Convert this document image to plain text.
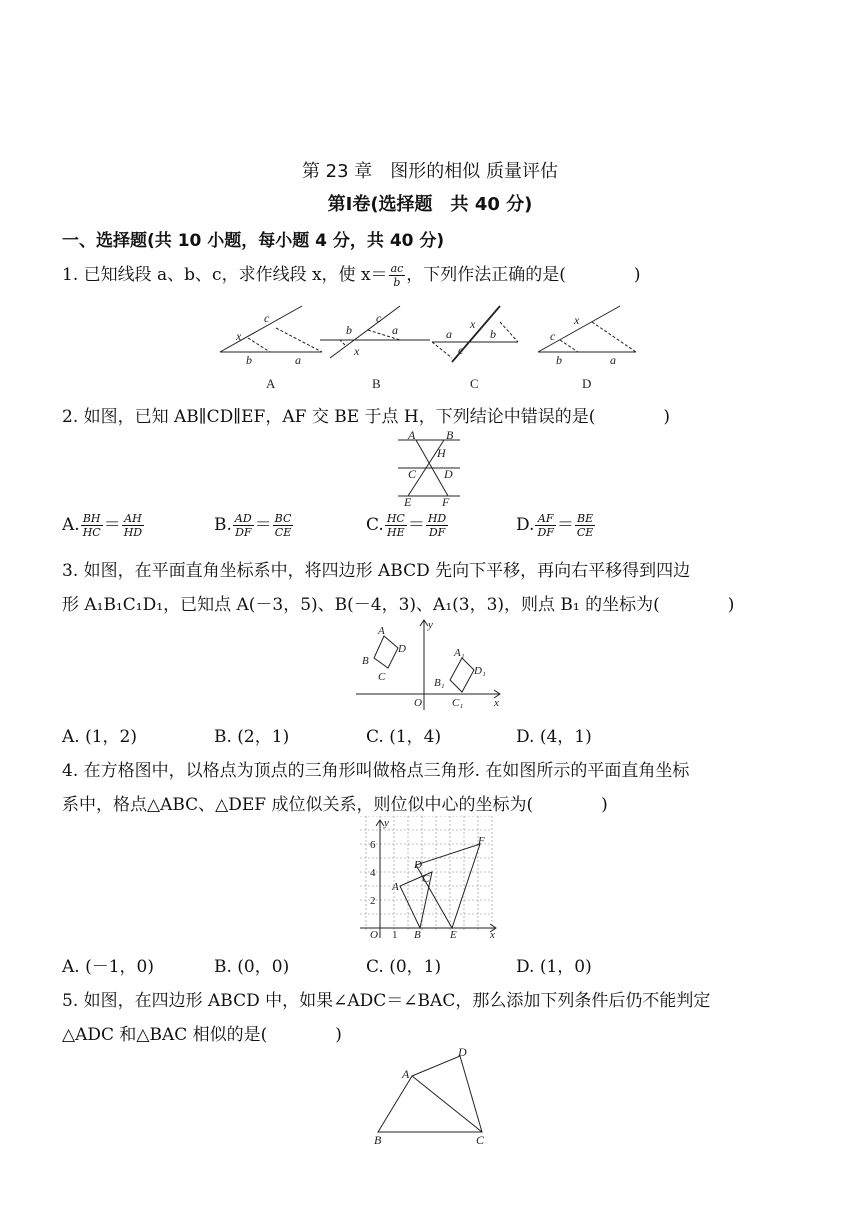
第 23 章　图形的相似 质量评估
第Ⅰ卷(选择题　共 40 分)
一、选择题(共 10 小题，每小题 4 分，共 40 分)
1. 已知线段 a、b、c，求作线段 x，使 $x= \frac{ac}{b}$ ，下列作法正确的是(　　　　)
x
c
b	a
b
c
a
x
a
x
b
c
c
x
b	a
A	B	C	D
2. 如图，已知 AB∥CD∥EF，AF 交 BE 于点 H，下列结论中错误的是(　　　　)
A	B
H
C D
E	F
A. $\frac{BH}{HC} = \frac{AH}{HD}$	B. $\frac{AD}{DF} = \frac{BC}{CE}$	C. $\frac{HC}{HE} = \frac{HD}{DF}$	D. $\frac{AF}{DF} = \frac{BE}{CE}$
3. 如图，在平面直角坐标系中，将四边形 ABCD 先向下平移，再向右平移得到四边
形 A₁B₁C₁D₁，已知点 A(－3，5)、B(－4，3)、A₁(3，3)，则点 B₁ 的坐标为(　　　　)
A
B
C
D	A₁
B₁
C₁
D₁
O	x
y
A. (1，2)	B. (2，1)	C. (1，4)	D. (4，1)
4. 在方格图中，以格点为顶点的三角形叫做格点三角形. 在如图所示的平面直角坐标
系中，格点△ABC、△DEF 成位似关系，则位似中心的坐标为(　　　　)
A
B
C
D
E
F
O	x
y
6
4
2
1
A. (－1，0)	B. (0，0)	C. (0，1)	D. (1，0)
5. 如图，在四边形 ABCD 中，如果∠ADC＝∠BAC，那么添加下列条件后仍不能判定
△ADC 和△BAC 相似的是(　　　　)
A
B	C
D
